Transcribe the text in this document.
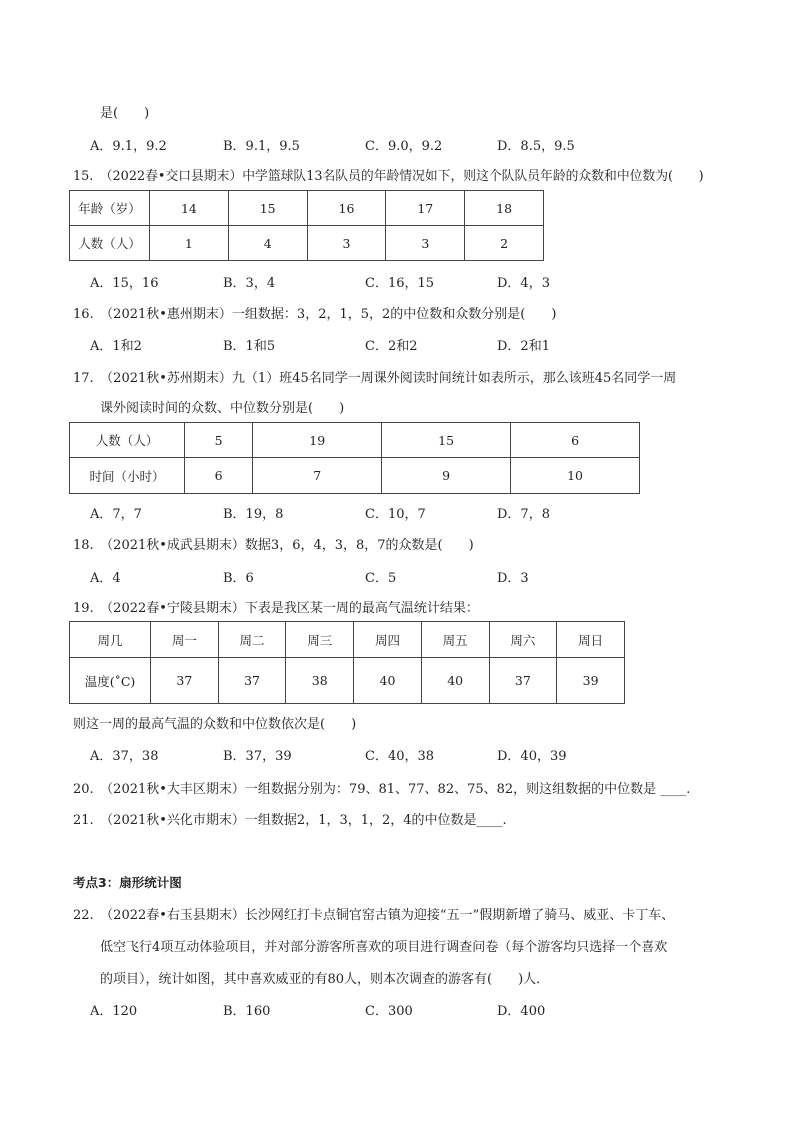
是(　　)
A．9.1，9.2	B．9.1，9.5	C．9.0，9.2	D．8.5，9.5
15.　（2022春•交口县期末）中学篮球队13名队员的年龄情况如下，则这个队队员年龄的众数和中位数为(　　)
年龄（岁）	14	15	16	17	18
人数（人）	1	4	3	3	2
A．15，16	B．3，4	C．16，15	D．4，3
16.　（2021秋•惠州期末）一组数据：3，2，1，5，2的中位数和众数分别是(　　)
A．1和2	B．1和5	C．2和2	D．2和1
17.　（2021秋•苏州期末）九（1）班45名同学一周课外阅读时间统计如表所示，那么该班45名同学一周
课外阅读时间的众数、中位数分别是(　　)
人数（人）	5	19	15	6
时间（小时）	6	7	9	10
A．7，7	B．19，8	C．10，7	D．7，8
18.　（2021秋•成武县期末）数据3，6，4，3，8，7的众数是(　　)
A．4	B．6	C．5	D．3
19.　（2022春•宁陵县期末）下表是我区某一周的最高气温统计结果：
周几	周一	周二	周三	周四	周五	周六	周日
温度(˚C)	37	37	38	40	40	37	39
则这一周的最高气温的众数和中位数依次是(　　)
A．37，38	B．37，39	C．40，38	D．40，39
20.　（2021秋•大丰区期末）一组数据分别为：79、81、77、82、75、82，则这组数据的中位数是 ____.
21.　（2021秋•兴化市期末）一组数据2，1，3，1，2，4的中位数是____.
考点3：扇形统计图
22.　（2022春•右玉县期末）长沙网红打卡点铜官窑古镇为迎接“五一”假期新增了骑马、威亚、卡丁车、
低空飞行4项互动体验项目，并对部分游客所喜欢的项目进行调查问卷（每个游客均只选择一个喜欢
的项目），统计如图，其中喜欢威亚的有80人，则本次调查的游客有(　　)人．
A．120	B．160	C．300	D．400
